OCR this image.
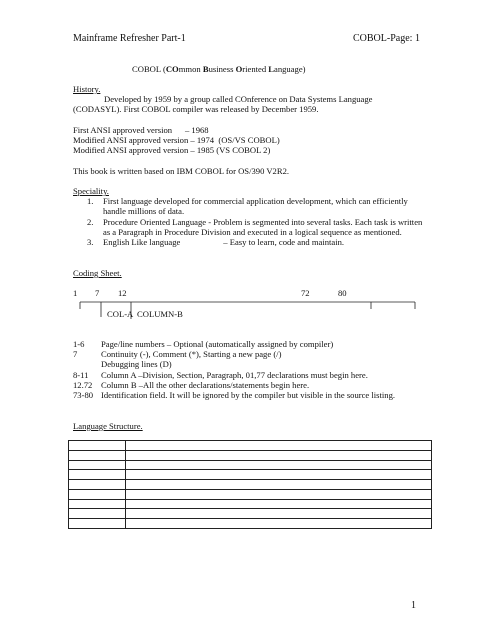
Mainframe Refresher Part-1	COBOL-Page: 1
COBOL (COmmon Business Oriented Language)
History.
Developed by 1959 by a group called COnference on Data Systems Language (CODASYL). First COBOL compiler was released by December 1959.
First ANSI approved version      – 1968
Modified ANSI approved version – 1974  (OS/VS COBOL)
Modified ANSI approved version – 1985 (VS COBOL 2)
This book is written based on IBM COBOL for OS/390 V2R2.
Speciality.
1. First language developed for commercial application development, which can efficiently handle millions of data.
2. Procedure Oriented Language - Problem is segmented into several tasks. Each task is written as a Paragraph in Procedure Division and executed in a logical sequence as mentioned.
3. English Like language                    – Easy to learn, code and maintain.
Coding Sheet.
1 7 12	72	80
COL-A COLUMN-B
1-6 Page/line numbers – Optional (automatically assigned by compiler)
7	Continuity (-), Comment (*), Starting a new page (/)
Debugging lines (D)
8-11 Column A –Division, Section, Paragraph, 01,77 declarations must begin here.
12.72 Column B –All the other declarations/statements begin here.
73-80 Identification field. It will be ignored by the compiler but visible in the source listing.
Language Structure.

1
